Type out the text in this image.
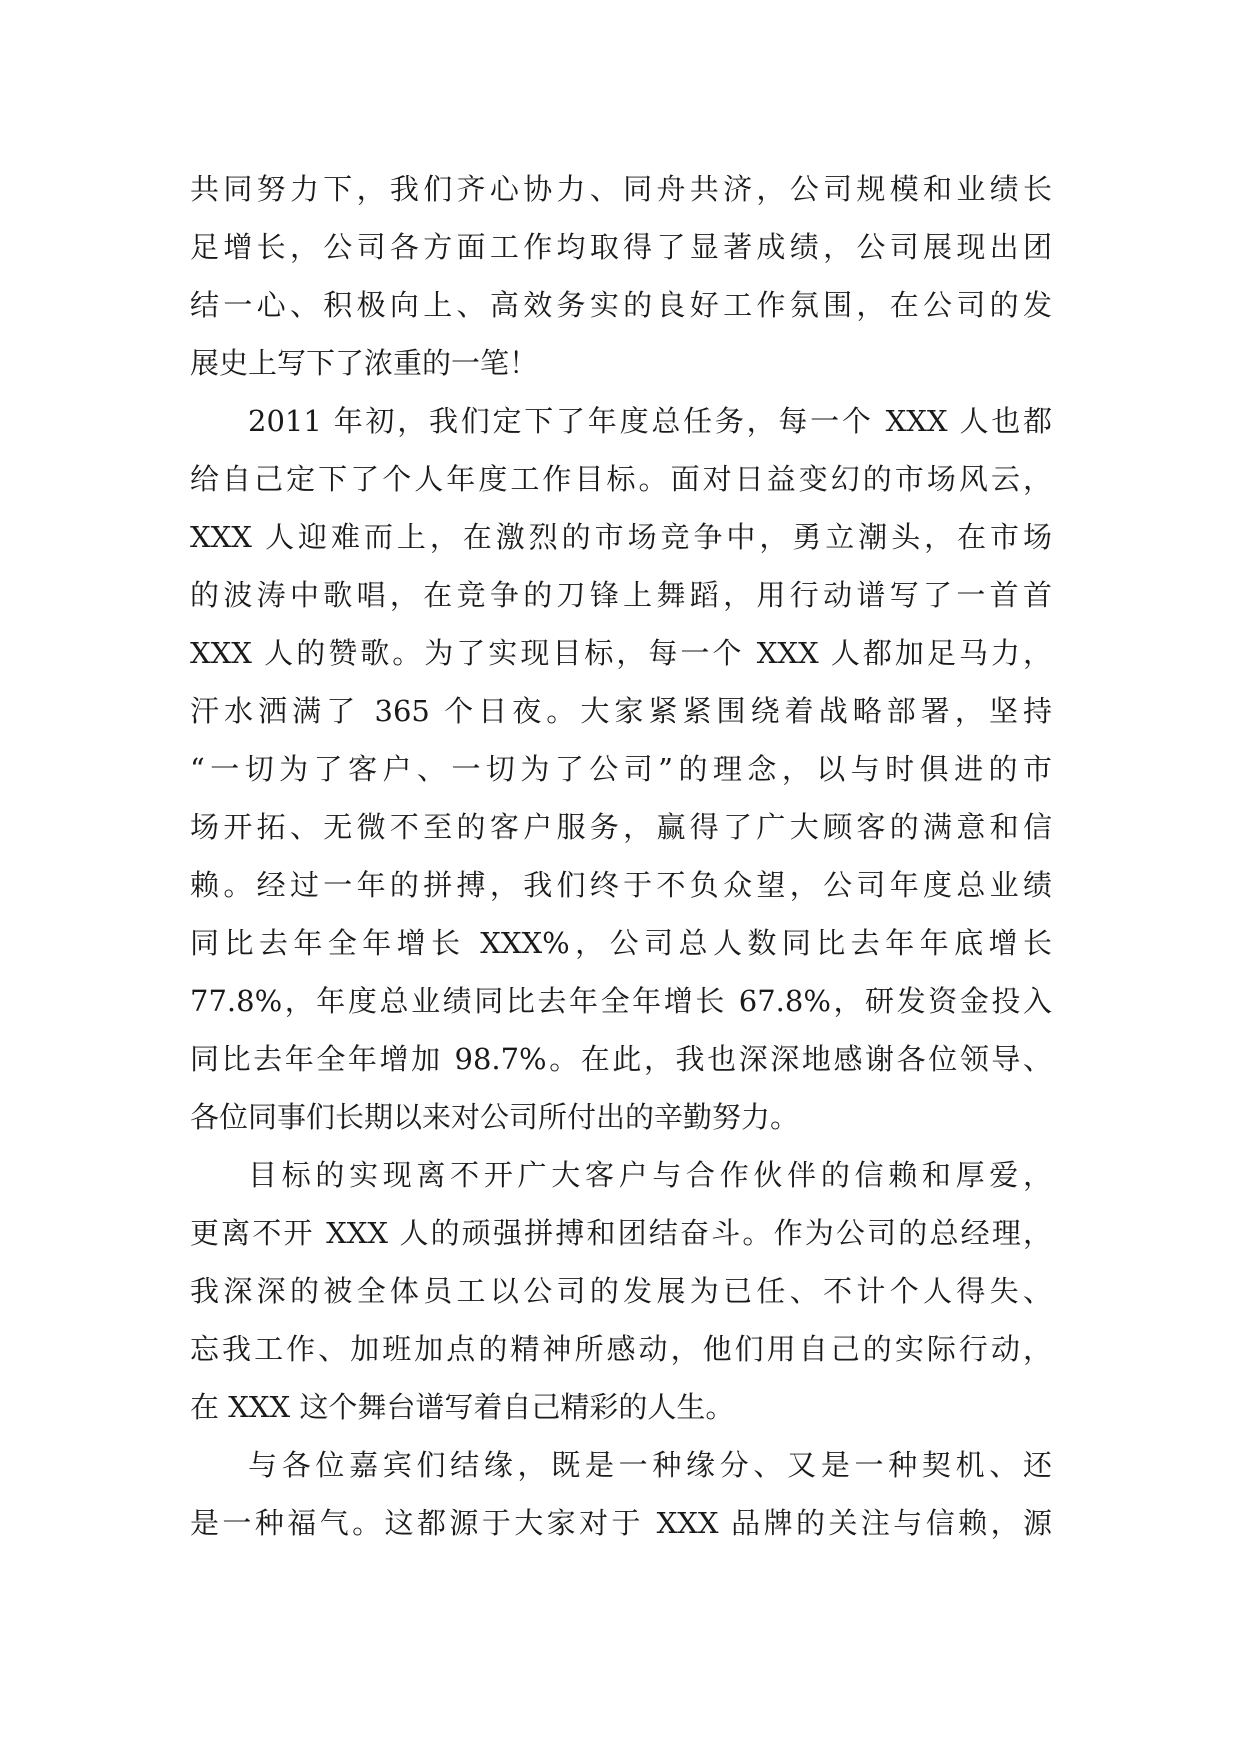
共同努力下，我们齐心协力、同舟共济，公司规模和业绩长
足增长，公司各方面工作均取得了显著成绩，公司展现出团
结一心、积极向上、高效务实的良好工作氛围，在公司的发
展史上写下了浓重的一笔！
2011 年初，我们定下了年度总任务，每一个 XXX 人也都
给自己定下了个人年度工作目标。面对日益变幻的市场风云，
XXX 人迎难而上，在激烈的市场竞争中，勇立潮头，在市场
的波涛中歌唱，在竞争的刀锋上舞蹈，用行动谱写了一首首
XXX 人的赞歌。为了实现目标，每一个 XXX 人都加足马力，
汗水洒满了 365 个日夜。大家紧紧围绕着战略部署，坚持
“一切为了客户、一切为了公司”的理念，以与时俱进的市
场开拓、无微不至的客户服务，赢得了广大顾客的满意和信
赖。经过一年的拼搏，我们终于不负众望，公司年度总业绩
同比去年全年增长 XXX%，公司总人数同比去年年底增长
77.8%，年度总业绩同比去年全年增长 67.8%，研发资金投入
同比去年全年增加 98.7%。在此，我也深深地感谢各位领导、
各位同事们长期以来对公司所付出的辛勤努力。
目标的实现离不开广大客户与合作伙伴的信赖和厚爱，
更离不开 XXX 人的顽强拼搏和团结奋斗。作为公司的总经理，
我深深的被全体员工以公司的发展为已任、不计个人得失、
忘我工作、加班加点的精神所感动，他们用自己的实际行动，
在 XXX 这个舞台谱写着自己精彩的人生。
与各位嘉宾们结缘，既是一种缘分、又是一种契机、还
是一种福气。这都源于大家对于 XXX 品牌的关注与信赖，源
